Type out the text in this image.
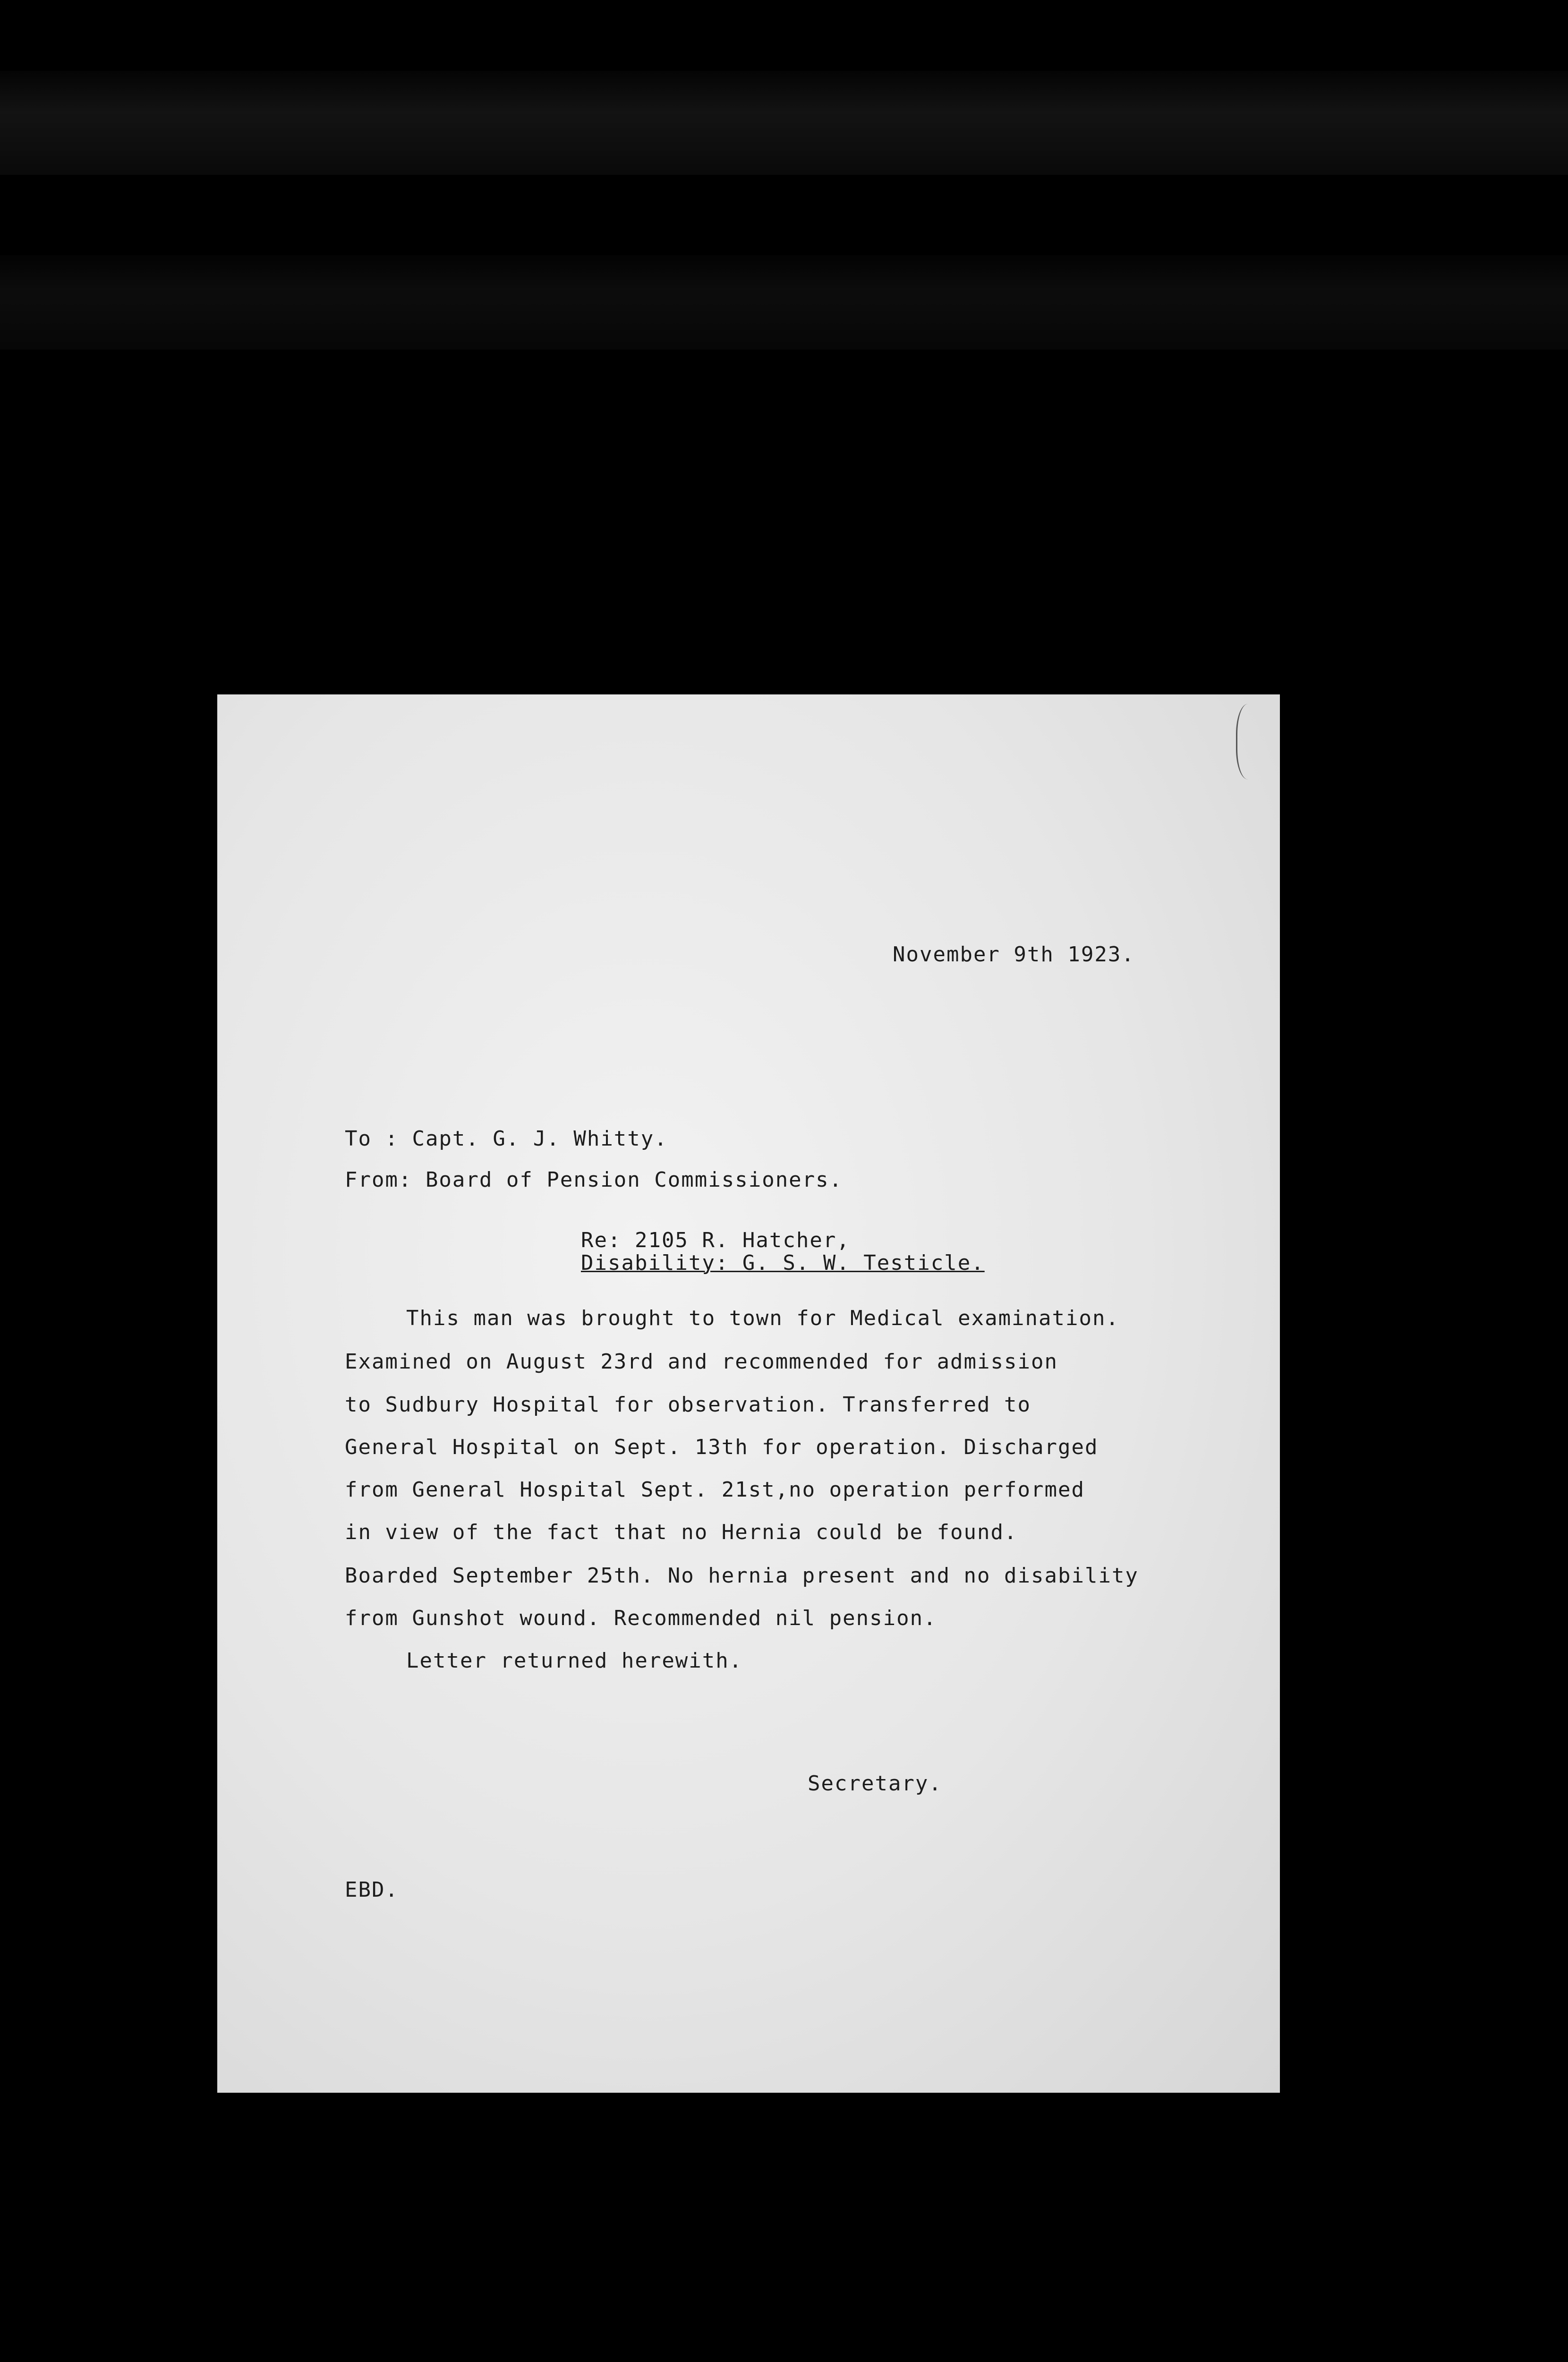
November 9th 1923.
To : Capt. G. J. Whitty.
From: Board of Pension Commissioners.
Re: 2105 R. Hatcher,
Disability: G. S. W. Testicle.
This man was brought to town for Medical examination.
Examined on August 23rd and recommended for admission
to Sudbury Hospital for observation. Transferred to
General Hospital on Sept. 13th for operation. Discharged
from General Hospital Sept. 21st,no operation performed
in view of the fact that no Hernia could be found.
Boarded September 25th. No hernia present and no disability
from Gunshot wound. Recommended nil pension.
Letter returned herewith.
Secretary.
EBD.
